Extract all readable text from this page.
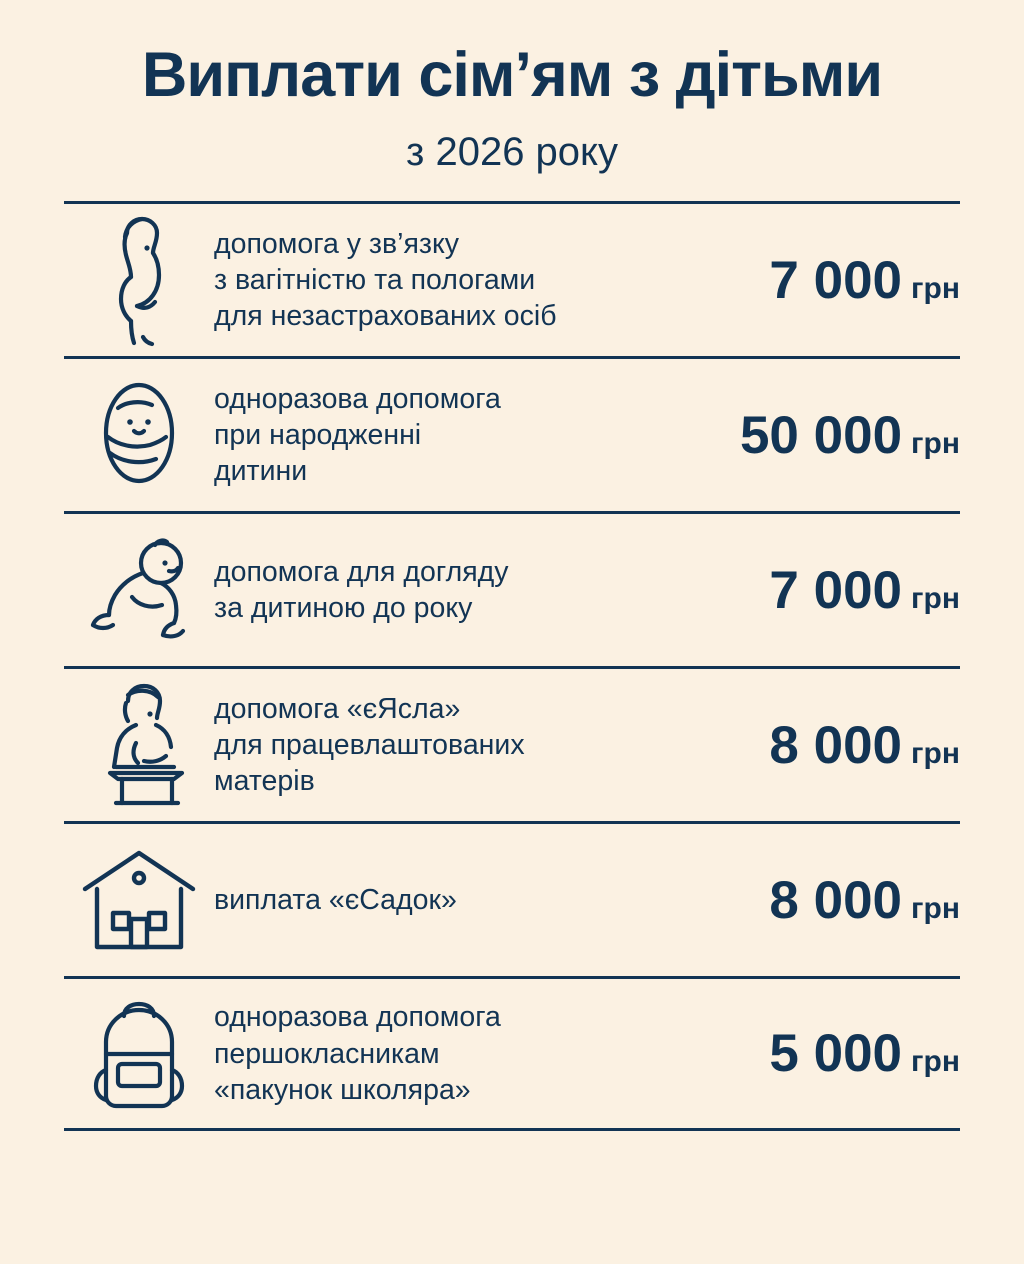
Виплати сім’ям з дітьми
з 2026 року
допомога у зв’язку
з вагітністю та пологами
для незастрахованих осіб
7 000 грн
одноразова допомога
при народженні
дитини
50 000 грн
допомога для догляду
за дитиною до року	7 000 грн
допомога «єЯсла»
для працевлаштованих
матерів
8 000 грн
виплата «єСадок»	8 000 грн
одноразова допомога
першокласникам
«пакунок школяра»
5 000 грн
